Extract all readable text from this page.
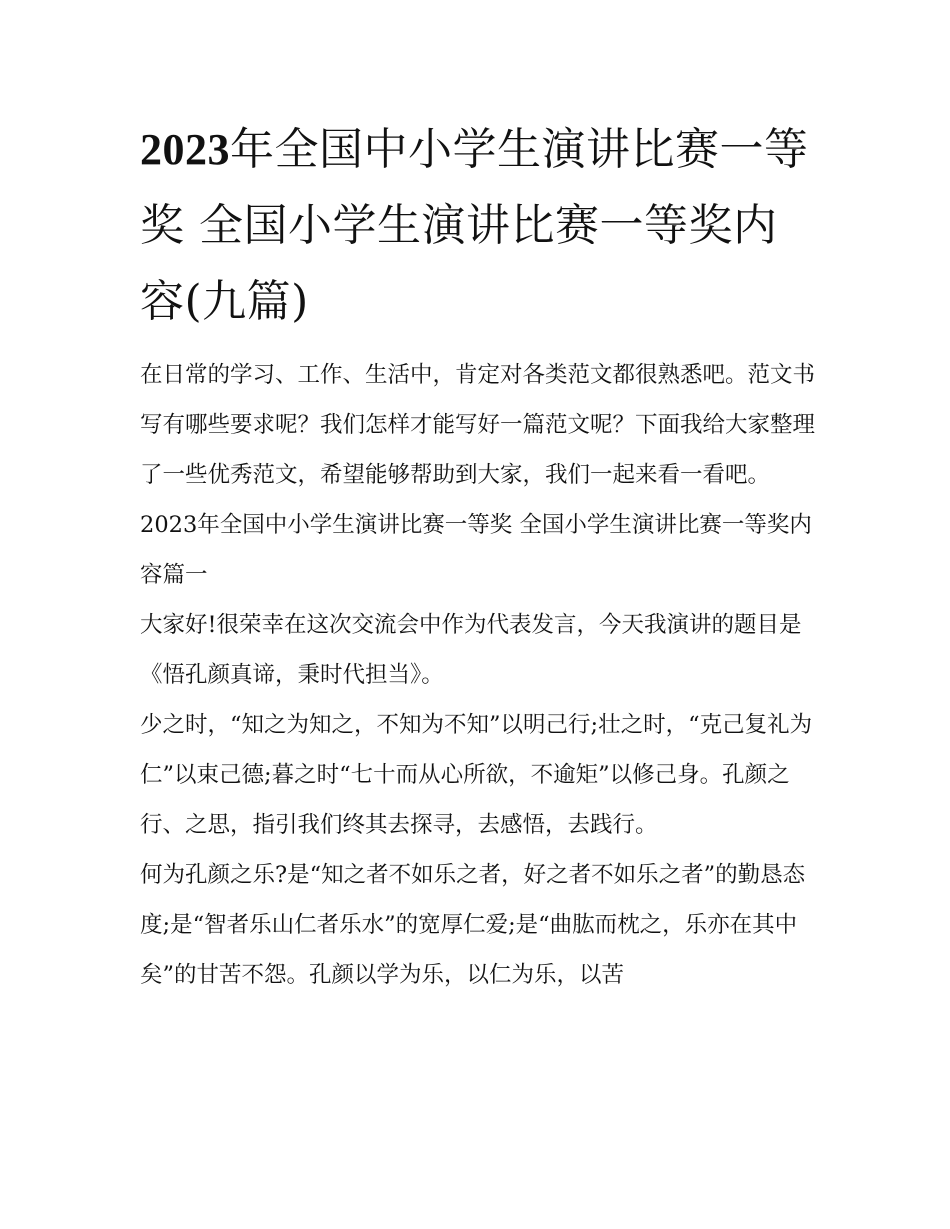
2023年全国中小学生演讲比赛一等奖 全国小学生演讲比赛一等奖内容(九篇)

在日常的学习、工作、生活中，肯定对各类范文都很熟悉吧。范文书写有哪些要求呢？我们怎样才能写好一篇范文呢？下面我给大家整理了一些优秀范文，希望能够帮助到大家，我们一起来看一看吧。

2023年全国中小学生演讲比赛一等奖 全国小学生演讲比赛一等奖内容篇一

大家好!很荣幸在这次交流会中作为代表发言，今天我演讲的题目是《悟孔颜真谛，秉时代担当》。

少之时，“知之为知之，不知为不知”以明己行;壮之时，“克己复礼为仁”以束己德;暮之时“七十而从心所欲，不逾矩”以修己身。孔颜之行、之思，指引我们终其去探寻，去感悟，去践行。

何为孔颜之乐?是“知之者不如乐之者，好之者不如乐之者”的勤恳态度;是“智者乐山仁者乐水”的宽厚仁爱;是“曲肱而枕之，乐亦在其中矣”的甘苦不怨。孔颜以学为乐，以仁为乐，以苦
